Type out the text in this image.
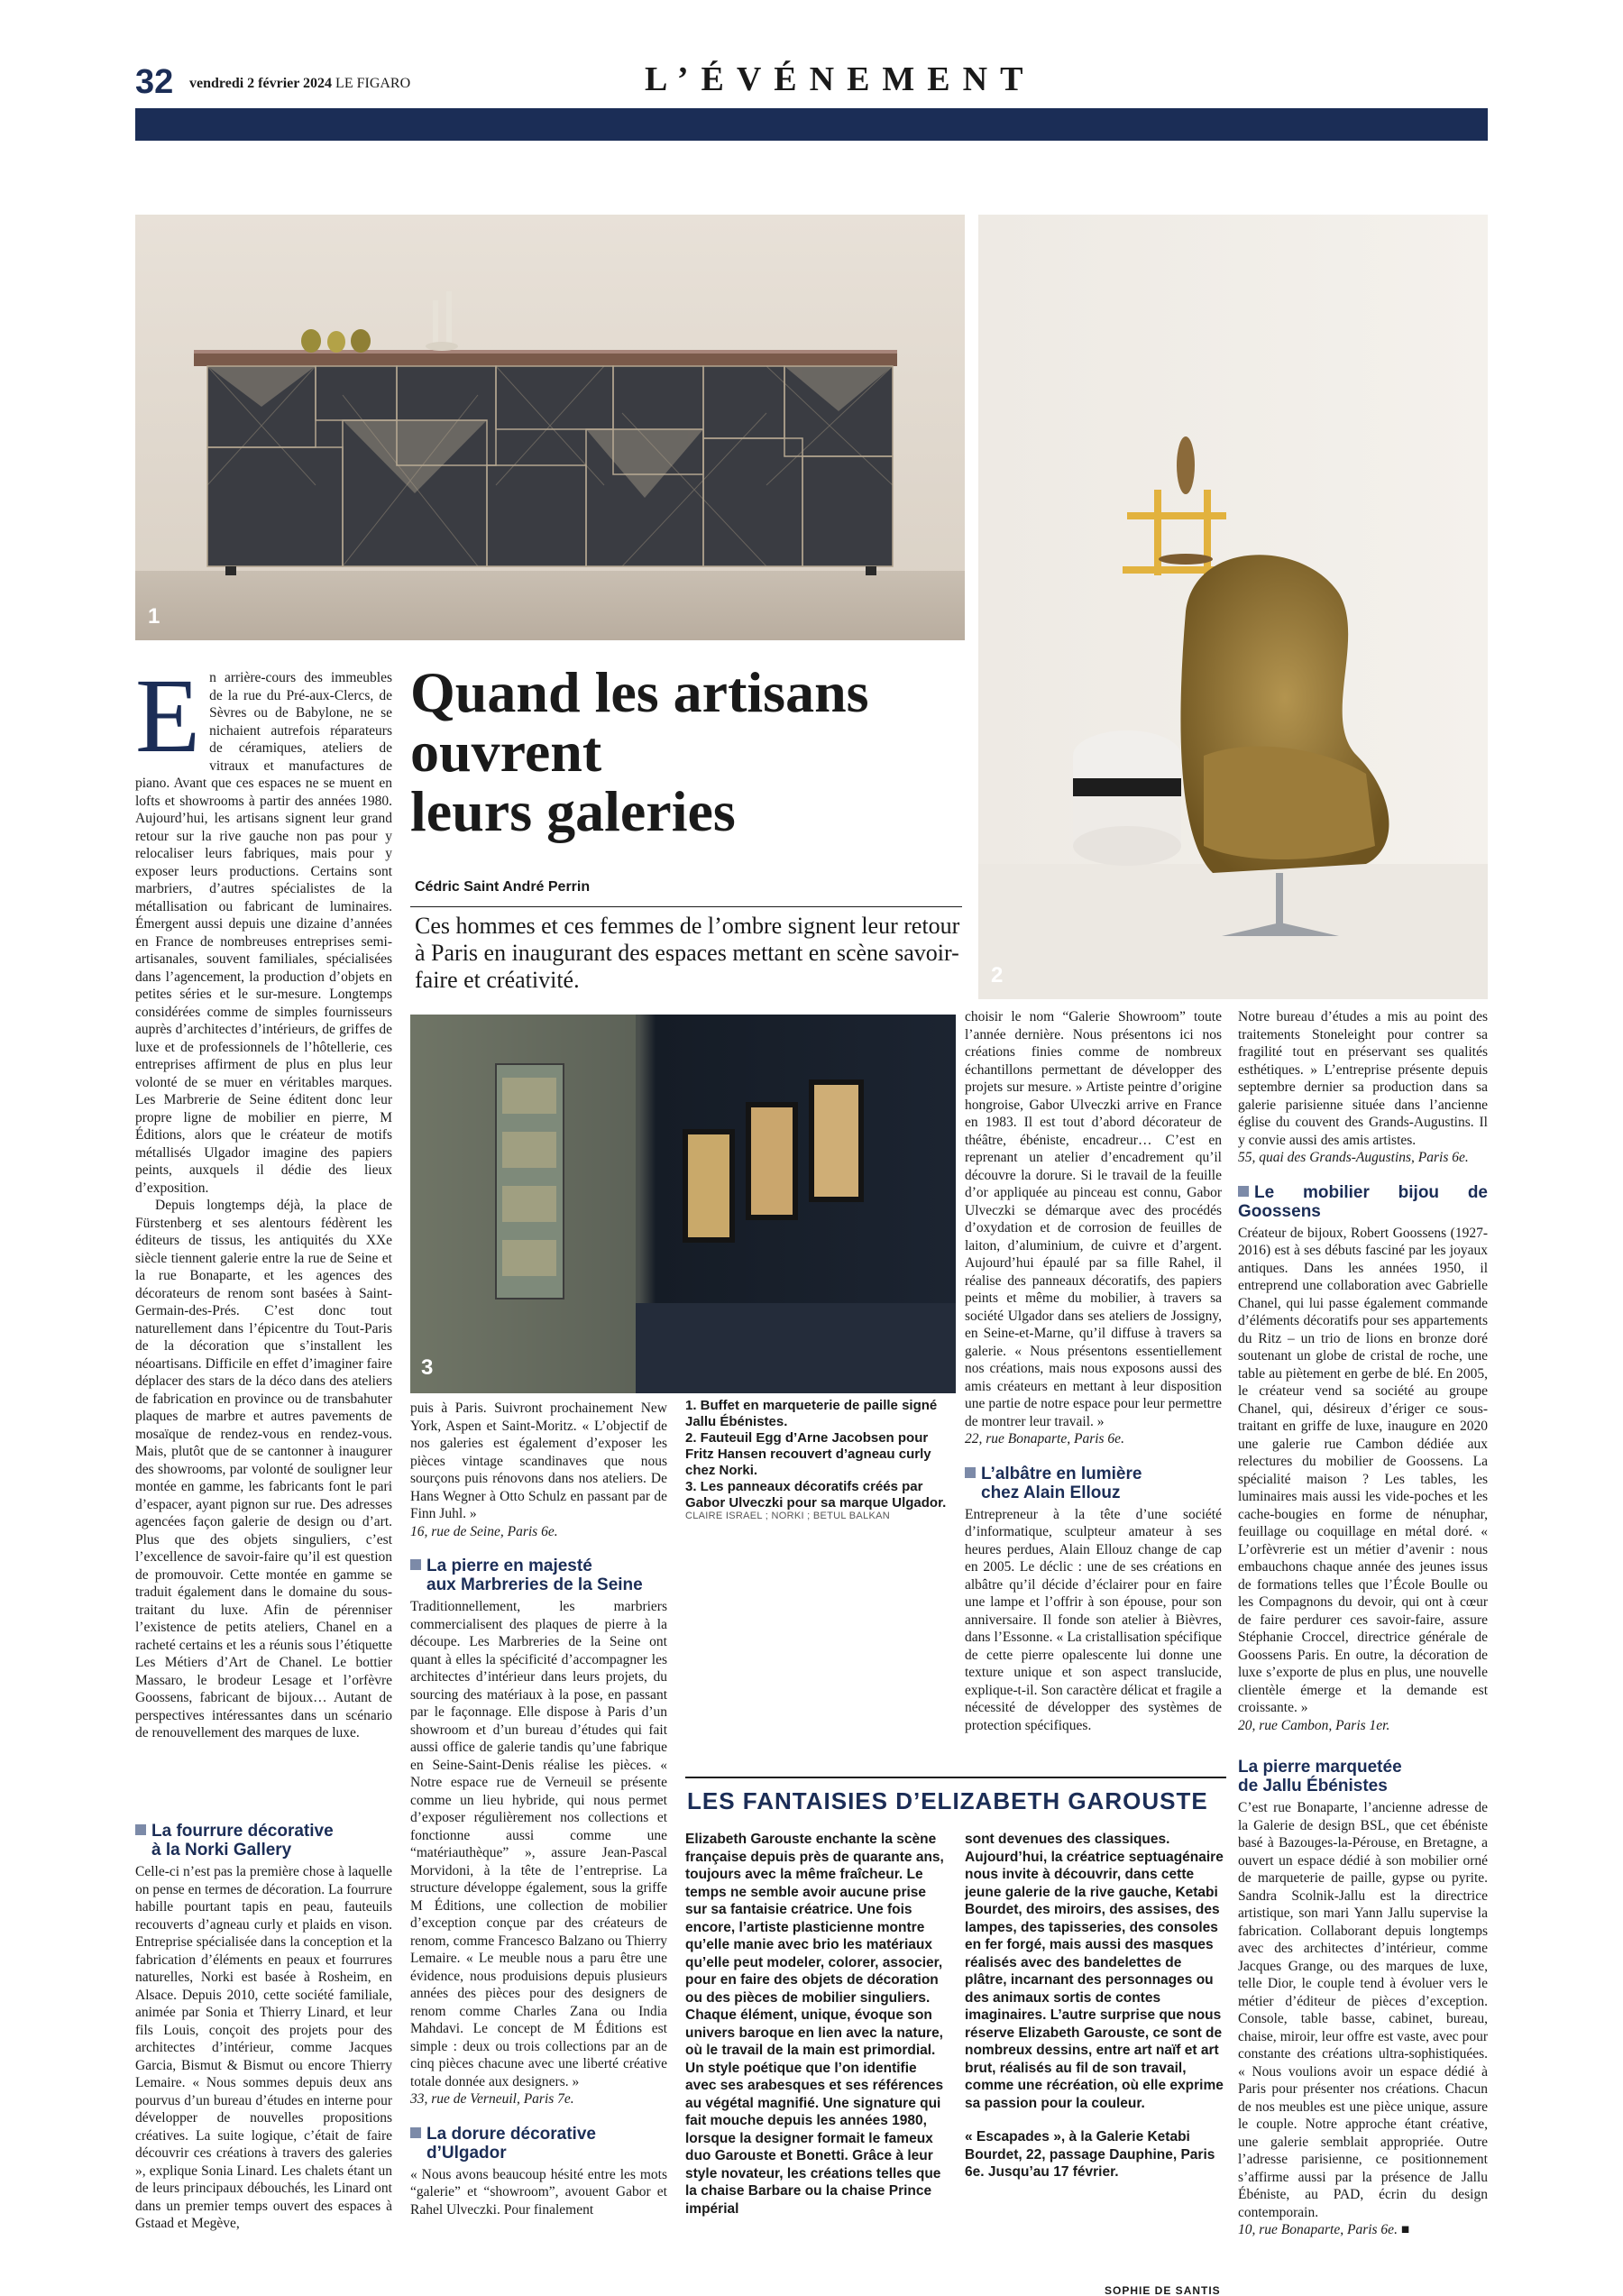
32 vendredi 2 février 2024 LE FIGARO	L’ÉVÉNEMENT
1
2
3
Quand les artisans
ouvrent
leurs galeries
Cédric Saint André Perrin
Ces hommes et ces femmes de l’ombre signent leur retour à Paris en inaugurant des espaces mettant en scène savoir-faire et créativité.
E n arrière-cours des immeubles de la rue du Pré-aux-Clercs, de Sèvres ou de Babylone, ne se nichaient autrefois réparateurs de céramiques, ateliers de vitraux et manufactures de piano. Avant que ces espaces ne se muent en lofts et showrooms à partir des années 1980. Aujourd’hui, les artisans signent leur grand retour sur la rive gauche non pas pour y relocaliser leurs fabriques, mais pour y exposer leurs productions. Certains sont marbriers, d’autres spécialistes de la métallisation ou fabricant de luminaires. Émergent aussi depuis une dizaine d’années en France de nombreuses entreprises semi-artisanales, souvent familiales, spécialisées dans l’agencement, la production d’objets en petites séries et le sur-mesure. Longtemps considérées comme de simples fournisseurs auprès d’architectes d’intérieurs, de griffes de luxe et de professionnels de l’hôtellerie, ces entreprises affirment de plus en plus leur volonté de se muer en véritables marques. Les Marbrerie de Seine éditent donc leur propre ligne de mobilier en pierre, M Éditions, alors que le créateur de motifs métallisés Ulgador imagine des papiers peints, auxquels il dédie des lieux d’exposition.

Depuis longtemps déjà, la place de Fürstenberg et ses alentours fédèrent les éditeurs de tissus, les antiquités du XXe siècle tiennent galerie entre la rue de Seine et la rue Bonaparte, et les agences des décorateurs de renom sont basées à Saint-Germain-des-Prés. C’est donc tout naturellement dans l’épicentre du Tout-Paris de la décoration que s’installent les néoartisans. Difficile en effet d’imaginer faire déplacer des stars de la déco dans des ateliers de fabrication en province ou de transbahuter plaques de marbre et autres pavements de mosaïque de rendez-vous en rendez-vous. Mais, plutôt que de se cantonner à inaugurer des showrooms, par volonté de souligner leur montée en gamme, les fabricants font le pari d’espacer, ayant pignon sur rue. Des adresses agencées façon galerie de design ou d’art. Plus que des objets singuliers, c’est l’excellence de savoir-faire qu’il est question de promouvoir. Cette montée en gamme se traduit également dans le domaine du sous-traitant du luxe. Afin de pérenniser l’existence de petits ateliers, Chanel en a racheté certains et les a réunis sous l’étiquette Les Métiers d’Art de Chanel. Le bottier Massaro, le brodeur Lesage et l’orfèvre Goossens, fabricant de bijoux… Autant de perspectives intéressantes dans un scénario de renouvellement des marques de luxe.

La fourrure décorative
à la Norki Gallery

Celle-ci n’est pas la première chose à laquelle on pense en termes de décoration. La fourrure habille pourtant tapis en peau, fauteuils recouverts d’agneau curly et plaids en vison. Entreprise spécialisée dans la conception et la fabrication d’éléments en peaux et fourrures naturelles, Norki est basée à Rosheim, en Alsace. Depuis 2010, cette société familiale, animée par Sonia et Thierry Linard, et leur fils Louis, conçoit des projets pour des architectes d’intérieur, comme Jacques Garcia, Bismut & Bismut ou encore Thierry Lemaire. « Nous sommes depuis deux ans pourvus d’un bureau d’études en interne pour développer de nouvelles propositions créatives. La suite logique, c’était de faire découvrir ces créations à travers des galeries », explique Sonia Linard. Les chalets étant un de leurs principaux débouchés, les Linard ont dans un premier temps ouvert des espaces à Gstaad et Megève,

puis à Paris. Suivront prochainement New York, Aspen et Saint-Moritz. « L’objectif de nos galeries est également d’exposer les pièces vintage scandinaves que nous sourçons puis rénovons dans nos ateliers. De Hans Wegner à Otto Schulz en passant par de Finn Juhl. »

16, rue de Seine, Paris 6e.

La pierre en majesté
aux Marbreries de la Seine

Traditionnellement, les marbriers commercialisent des plaques de pierre à la découpe. Les Marbreries de la Seine ont quant à elles la spécificité d’accompagner les architectes d’intérieur dans leurs projets, du sourcing des matériaux à la pose, en passant par le façonnage. Elle dispose à Paris d’un showroom et d’un bureau d’études qui fait aussi office de galerie tandis qu’une fabrique en Seine-Saint-Denis réalise les pièces. « Notre espace rue de Verneuil se présente comme un lieu hybride, qui nous permet d’exposer régulièrement nos collections et fonctionne aussi comme une “matériauthèque” », assure Jean-Pascal Morvidoni, à la tête de l’entreprise. La structure développe également, sous la griffe M Éditions, une collection de mobilier d’exception conçue par des créateurs de renom, comme Francesco Balzano ou Thierry Lemaire. « Le meuble nous a paru être une évidence, nous produisions depuis plusieurs années des pièces pour des designers de renom comme Charles Zana ou India Mahdavi. Le concept de M Éditions est simple : deux ou trois collections par an de cinq pièces chacune avec une liberté créative totale donnée aux designers. »

33, rue de Verneuil, Paris 7e.

La dorure décorative
d’Ulgador

« Nous avons beaucoup hésité entre les mots “galerie” et “showroom”, avouent Gabor et Rahel Ulveczki. Pour finalement

1. Buffet en marqueterie de paille signé Jallu Ébénistes.
2. Fauteuil Egg d’Arne Jacobsen pour Fritz Hansen recouvert d’agneau curly chez Norki.
3. Les panneaux décoratifs créés par Gabor Ulveczki pour sa marque Ulgador.
CLAIRE ISRAEL ; NORKI ; BETUL BALKAN

choisir le nom “Galerie Showroom” toute l’année dernière. Nous présentons ici nos créations finies comme de nombreux échantillons permettant de développer des projets sur mesure. » Artiste peintre d’origine hongroise, Gabor Ulveczki arrive en France en 1983. Il est tout d’abord décorateur de théâtre, ébéniste, encadreur… C’est en reprenant un atelier d’encadrement qu’il découvre la dorure. Si le travail de la feuille d’or appliquée au pinceau est connu, Gabor Ulveczki se démarque avec des procédés d’oxydation et de corrosion de feuilles de laiton, d’aluminium, de cuivre et d’argent. Aujourd’hui épaulé par sa fille Rahel, il réalise des panneaux décoratifs, des papiers peints et même du mobilier, à travers sa société Ulgador dans ses ateliers de Jossigny, en Seine-et-Marne, qu’il diffuse à travers sa galerie. « Nous présentons essentiellement nos créations, mais nous exposons aussi des amis créateurs en mettant à leur disposition une partie de notre espace pour leur permettre de montrer leur travail. »

22, rue Bonaparte, Paris 6e.

L’albâtre en lumière
chez Alain Ellouz

Entrepreneur à la tête d’une société d’informatique, sculpteur amateur à ses heures perdues, Alain Ellouz change de cap en 2005. Le déclic : une de ses créations en albâtre qu’il décide d’éclairer pour en faire une lampe et l’offrir à son épouse, pour son anniversaire. Il fonde son atelier à Bièvres, dans l’Essonne. « La cristallisation spécifique de cette pierre opalescente lui donne une texture unique et son aspect translucide, explique-t-il. Son caractère délicat et fragile a nécessité de développer des systèmes de protection spécifiques.

Notre bureau d’études a mis au point des traitements Stoneleight pour contrer sa fragilité tout en préservant ses qualités esthétiques. » L’entreprise présente depuis septembre dernier sa production dans sa galerie parisienne située dans l’ancienne église du couvent des Grands-Augustins. Il y convie aussi des amis artistes.

55, quai des Grands-Augustins, Paris 6e.

Le mobilier bijou de Goossens

Créateur de bijoux, Robert Goossens (1927-2016) est à ses débuts fasciné par les joyaux antiques. Dans les années 1950, il entreprend une collaboration avec Gabrielle Chanel, qui lui passe également commande d’éléments décoratifs pour ses appartements du Ritz – un trio de lions en bronze doré soutenant un globe de cristal de roche, une table au piètement en gerbe de blé. En 2005, le créateur vend sa société au groupe Chanel, qui, désireux d’ériger ce sous-traitant en griffe de luxe, inaugure en 2020 une galerie rue Cambon dédiée aux relectures du mobilier de Goossens. La spécialité maison ? Les tables, les luminaires mais aussi les vide-poches et les cache-bougies en forme de nénuphar, feuillage ou coquillage en métal doré. « L’orfèvrerie est un métier d’avenir : nous embauchons chaque année des jeunes issus de formations telles que l’École Boulle ou les Compagnons du devoir, qui ont à cœur de faire perdurer ces savoir-faire, assure Stéphanie Croccel, directrice générale de Goossens Paris. En outre, la décoration de luxe s’exporte de plus en plus, une nouvelle clientèle émerge et la demande est croissante. »

20, rue Cambon, Paris 1er.

La pierre marquetée
de Jallu Ébénistes

C’est rue Bonaparte, l’ancienne adresse de la Galerie de design BSL, que cet ébéniste basé à Bazouges-la-Pérouse, en Bretagne, a ouvert un espace dédié à son mobilier orné de marqueterie de paille, gypse ou pyrite. Sandra Scolnik-Jallu est la directrice artistique, son mari Yann Jallu supervise la fabrication. Collaborant depuis longtemps avec des architectes d’intérieur, comme Jacques Grange, ou des marques de luxe, telle Dior, le couple tend à évoluer vers le métier d’éditeur de pièces d’exception. Console, table basse, cabinet, bureau, chaise, miroir, leur offre est vaste, avec pour constante des créations ultra-sophistiquées. « Nous voulions avoir un espace dédié à Paris pour présenter nos créations. Chacun de nos meubles est une pièce unique, assure le couple. Notre approche étant créative, une galerie semblait appropriée. Outre l’adresse parisienne, ce positionnement s’affirme aussi par la présence de Jallu Ébéniste, au PAD, écrin du design contemporain.

10, rue Bonaparte, Paris 6e. ■

LES FANTAISIES D’ELIZABETH GAROUSTE

Elizabeth Garouste enchante la scène française depuis près de quarante ans, toujours avec la même fraîcheur. Le temps ne semble avoir aucune prise sur sa fantaisie créatrice. Une fois encore, l’artiste plasticienne montre qu’elle manie avec brio les matériaux qu’elle peut modeler, colorer, associer, pour en faire des objets de décoration ou des pièces de mobilier singuliers. Chaque élément, unique, évoque son univers baroque en lien avec la nature, où le travail de la main est primordial. Un style poétique que l’on identifie avec ses arabesques et ses références au végétal magnifié. Une signature qui fait mouche depuis les années 1980, lorsque la designer formait le fameux duo Garouste et Bonetti. Grâce à leur style novateur, les créations telles que la chaise Barbare ou la chaise Prince impérial

sont devenues des classiques. Aujourd’hui, la créatrice septuagénaire nous invite à découvrir, dans cette jeune galerie de la rive gauche, Ketabi Bourdet, des miroirs, des assises, des lampes, des tapisseries, des consoles en fer forgé, mais aussi des masques réalisés avec des bandelettes de plâtre, incarnant des personnages ou des animaux sortis de contes imaginaires. L’autre surprise que nous réserve Elizabeth Garouste, ce sont de nombreux dessins, entre art naïf et art brut, réalisés au fil de son travail, comme une récréation, où elle exprime sa passion pour la couleur.

« Escapades », à la Galerie Ketabi Bourdet, 22, passage Dauphine, Paris 6e. Jusqu’au 17 février.

SOPHIE DE SANTIS
